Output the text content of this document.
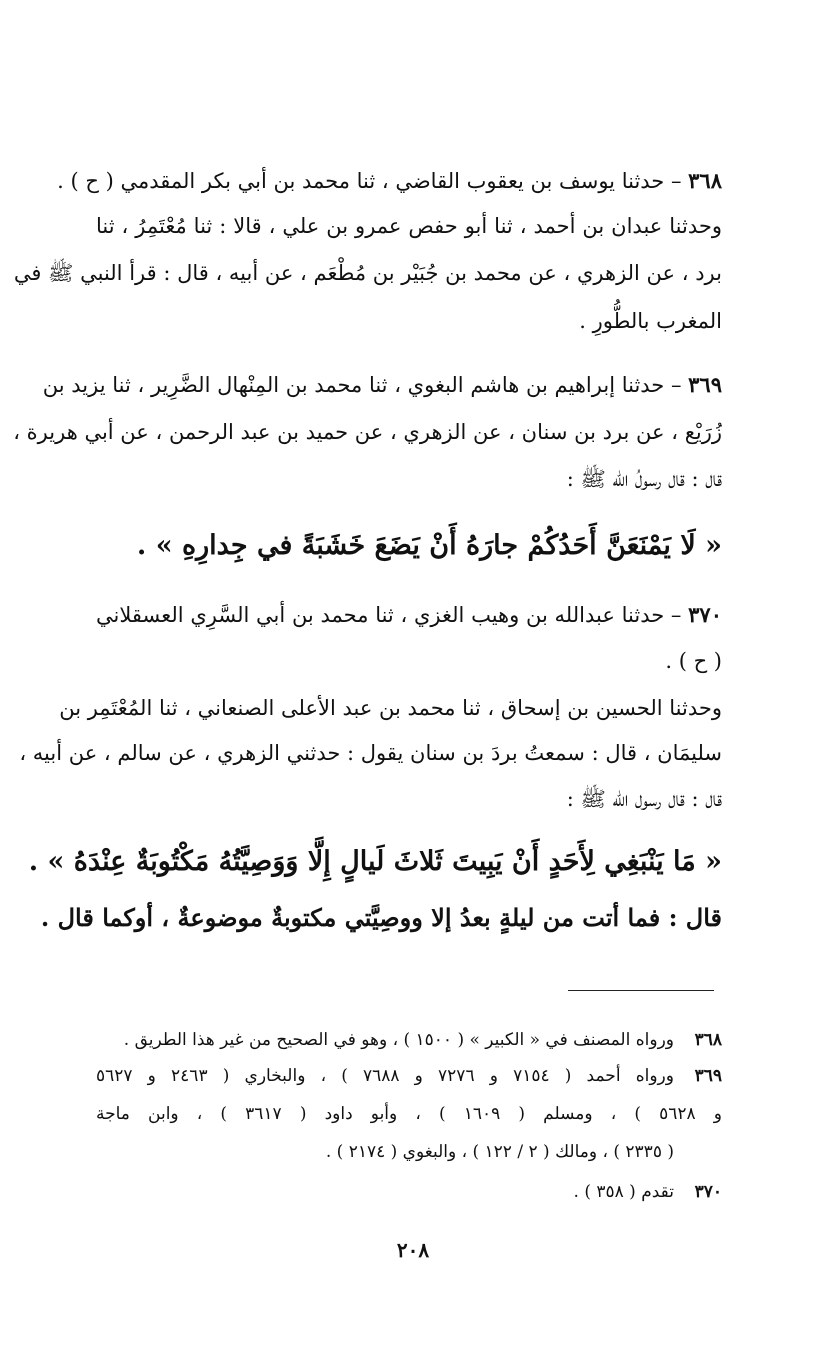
٣٦٨ – حدثنا يوسف بن يعقوب القاضي ، ثنا محمد بن أبي بكر المقدمي ( ح ) .
وحدثنا عبدان بن أحمد ، ثنا أبو حفص عمرو بن علي ، قالا : ثنا مُعْتَمِرُ ، ثنا
برد ، عن الزهري ، عن محمد بن جُبَيْر بن مُطْعَم ، عن أبيه ، قال : قرأ النبي ﷺ في
المغرب بالطُّورِ .
٣٦٩ – حدثنا إبراهيم بن هاشم البغوي ، ثنا محمد بن المِنْهال الضَّرِير ، ثنا يزيد بن
زُرَيْع ، عن برد بن سنان ، عن الزهري ، عن حميد بن عبد الرحمن ، عن أبي هريرة ،
قال : قال رسولُ الله ﷺ :
« لَا يَمْنَعَنَّ أَحَدُكُمْ جارَهُ أَنْ يَضَعَ خَشَبَةً في جِدارِهِ » .
٣٧٠ – حدثنا عبدالله بن وهيب الغزي ، ثنا محمد بن أبي السَّرِي العسقلاني
( ح ) .
وحدثنا الحسين بن إسحاق ، ثنا محمد بن عبد الأعلى الصنعاني ، ثنا المُعْتَمِر بن
سليمَان ، قال : سمعتُ بردَ بن سنان يقول : حدثني الزهري ، عن سالم ، عن أبيه ،
قال : قال رسول الله ﷺ :
« مَا يَنْبَغِي لِأَحَدٍ أَنْ يَبِيتَ ثَلاثَ لَيالٍ إِلَّا وَوَصِيَّتُهُ مَكْتُوبَةٌ عِنْدَهُ » .
قال : فما أتت من ليلةٍ بعدُ إلا ووصِيَّتي مكتوبةٌ موضوعةٌ ، أوكما قال .
٣٦٨ورواه المصنف في « الكبير » ( ١٥٠٠ ) ، وهو في الصحيح من غير هذا الطريق .
٣٦٩ورواه أحمد ( ٧١٥٤ و ٧٢٧٦ و ٧٦٨٨ ) ، والبخاري ( ٢٤٦٣ و ٥٦٢٧
و ٥٦٢٨ ) ، ومسلم ( ١٦٠٩ ) ، وأبو داود ( ٣٦١٧ ) ، وابن ماجة
( ٢٣٣٥ ) ، ومالك ( ٢ / ١٢٢ ) ، والبغوي ( ٢١٧٤ ) .
٣٧٠تقدم ( ٣٥٨ ) .
٢٠٨
